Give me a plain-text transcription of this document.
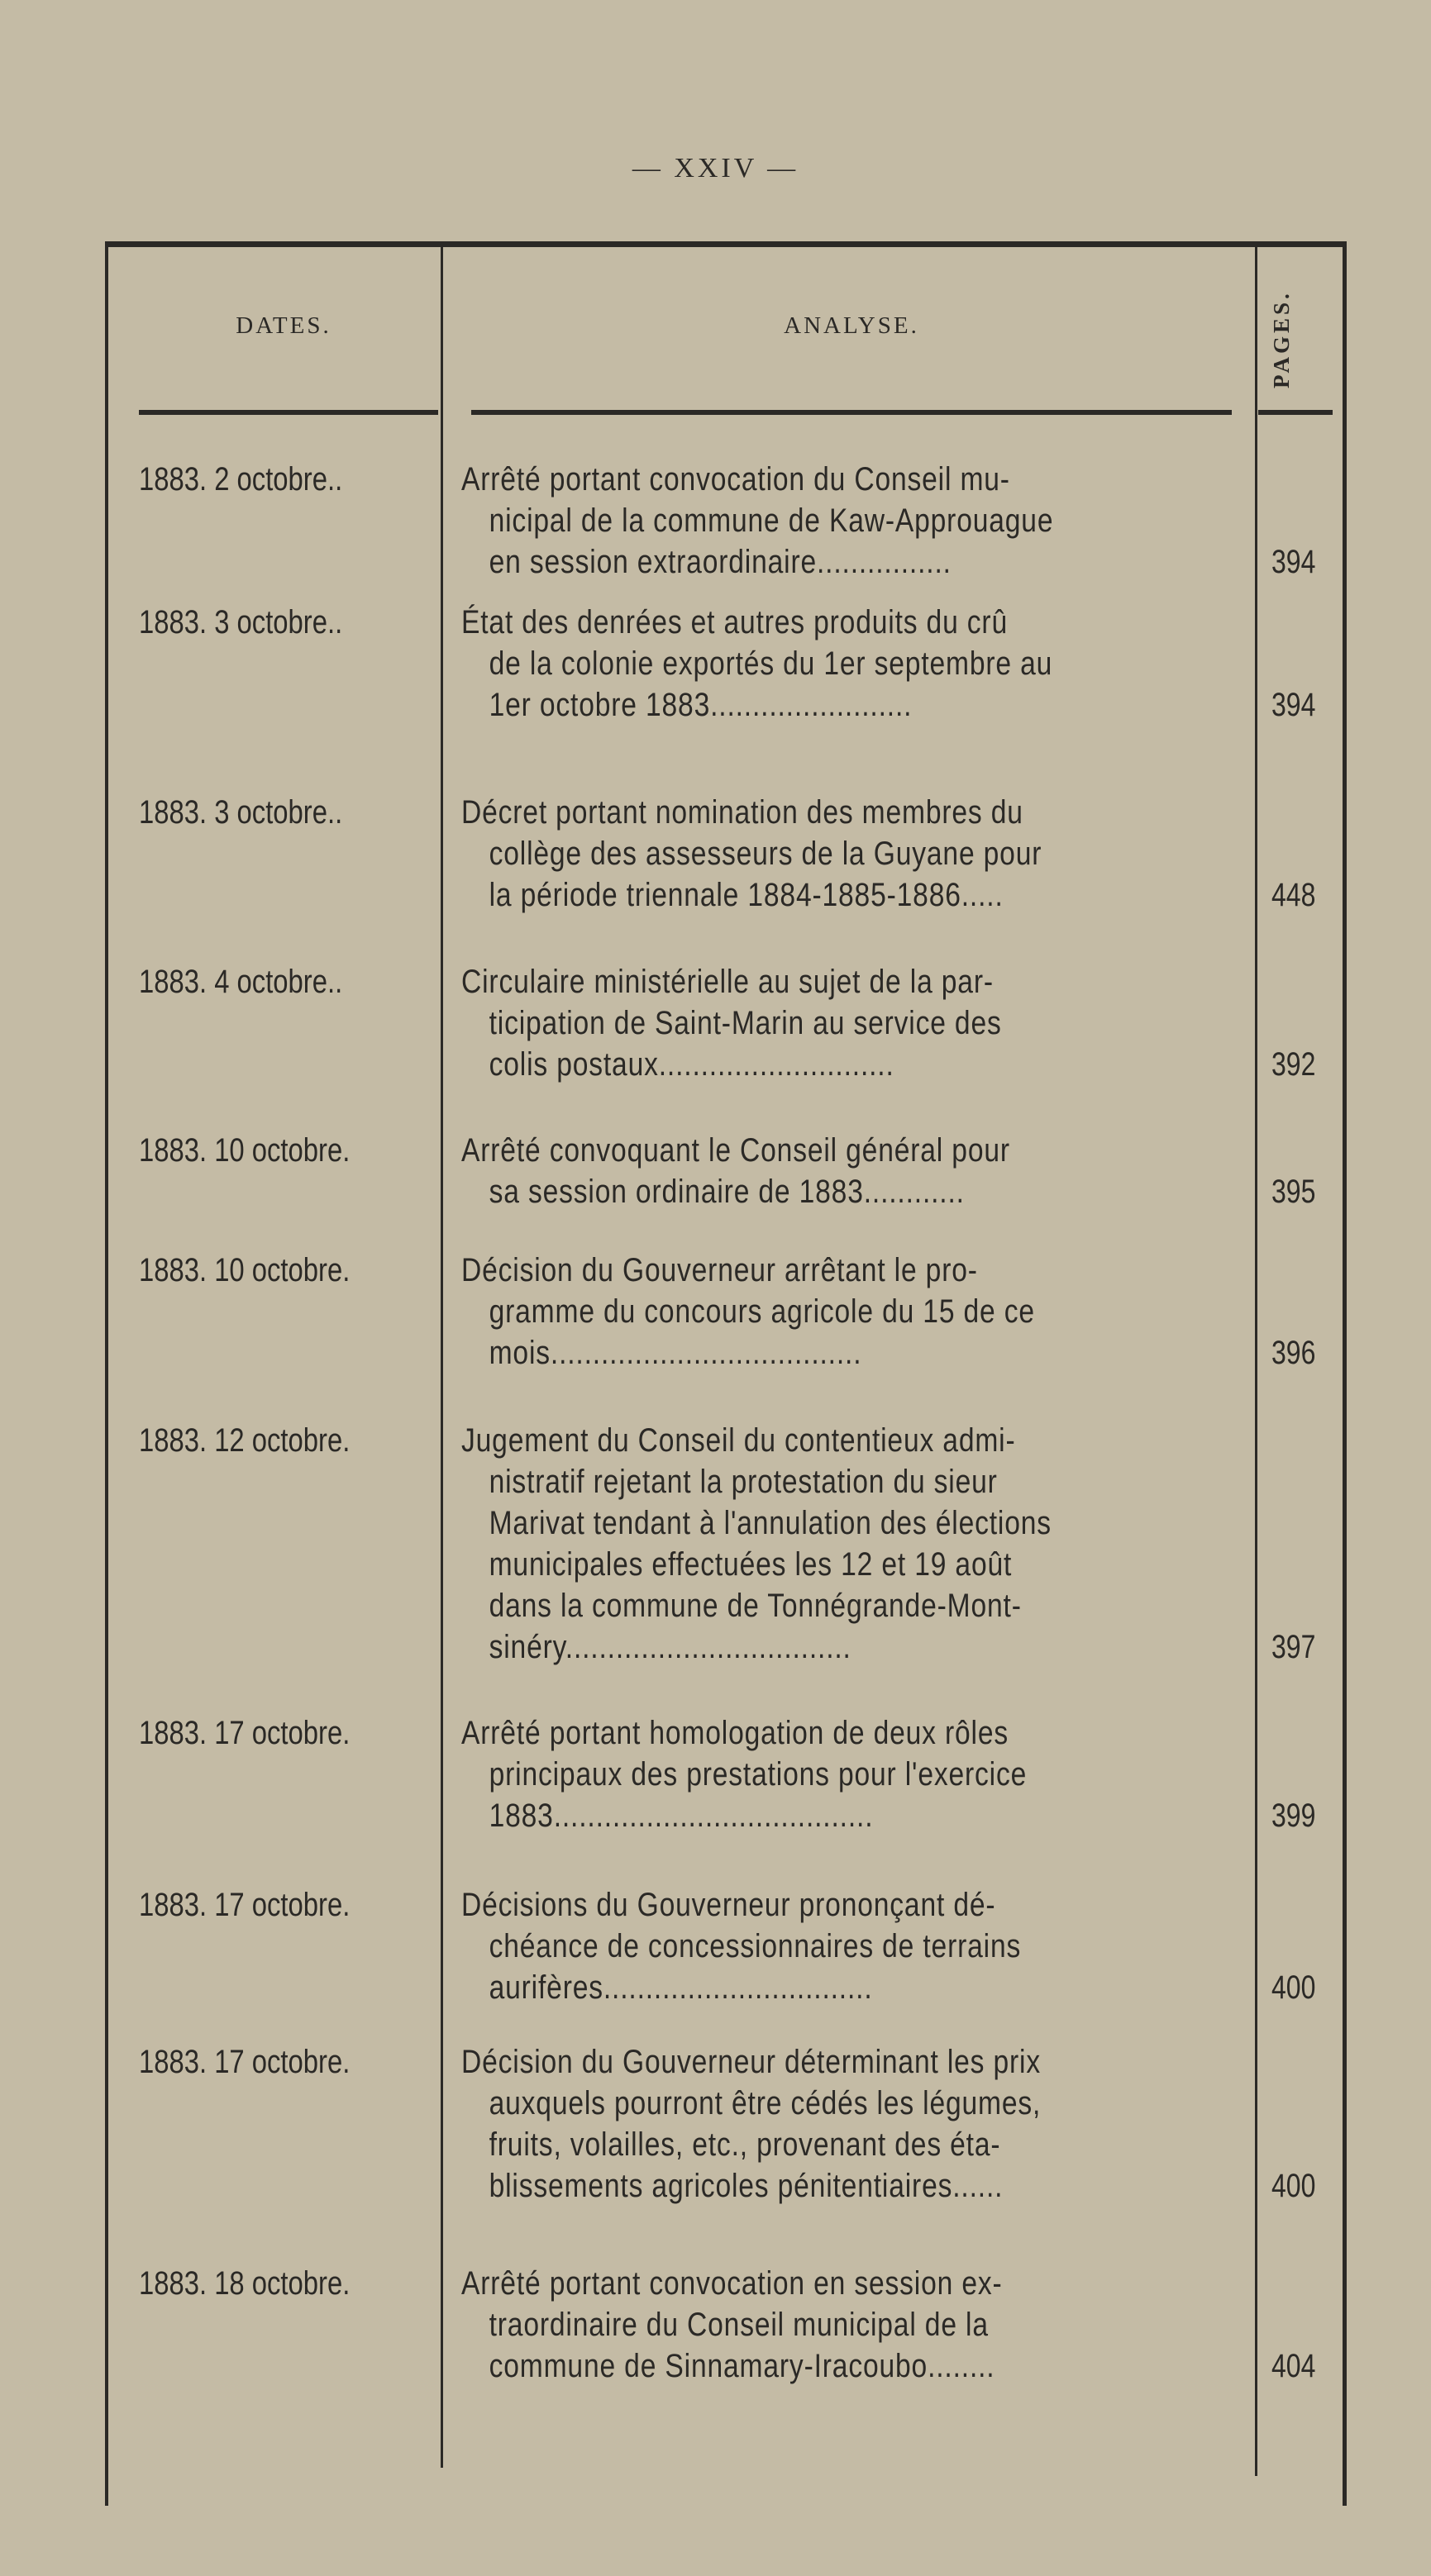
— XXIV —
DATES.	ANALYSE.	PAGES.
1883. 2 octobre..	Arrêté portant convocation du Conseil mu-
nicipal de la commune de Kaw-Approuague
en session extraordinaire................	394
1883. 3 octobre..	État des denrées et autres produits du crû
de la colonie exportés du 1er septembre au
1er octobre 1883........................	394
1883. 3 octobre..	Décret portant nomination des membres du
collège des assesseurs de la Guyane pour
la période triennale 1884-1885-1886.....	448
1883. 4 octobre..	Circulaire ministérielle au sujet de la par-
ticipation de Saint-Marin au service des
colis postaux............................	392
1883. 10 octobre.	Arrêté convoquant le Conseil général pour
sa session ordinaire de 1883............	395
1883. 10 octobre.	Décision du Gouverneur arrêtant le pro-
gramme du concours agricole du 15 de ce
mois.....................................	396
1883. 12 octobre.	Jugement du Conseil du contentieux admi-
nistratif rejetant la protestation du sieur
Marivat tendant à l'annulation des élections
municipales effectuées les 12 et 19 août
dans la commune de Tonnégrande-Mont-
sinéry..................................	397
1883. 17 octobre.	Arrêté portant homologation de deux rôles
principaux des prestations pour l'exercice
1883......................................	399
1883. 17 octobre.	Décisions du Gouverneur prononçant dé-
chéance de concessionnaires de terrains
aurifères................................	400
1883. 17 octobre.	Décision du Gouverneur déterminant les prix
auxquels pourront être cédés les légumes,
fruits, volailles, etc., provenant des éta-
blissements agricoles pénitentiaires......	400
1883. 18 octobre.	Arrêté portant convocation en session ex-
traordinaire du Conseil municipal de la
commune de Sinnamary-Iracoubo........	404
